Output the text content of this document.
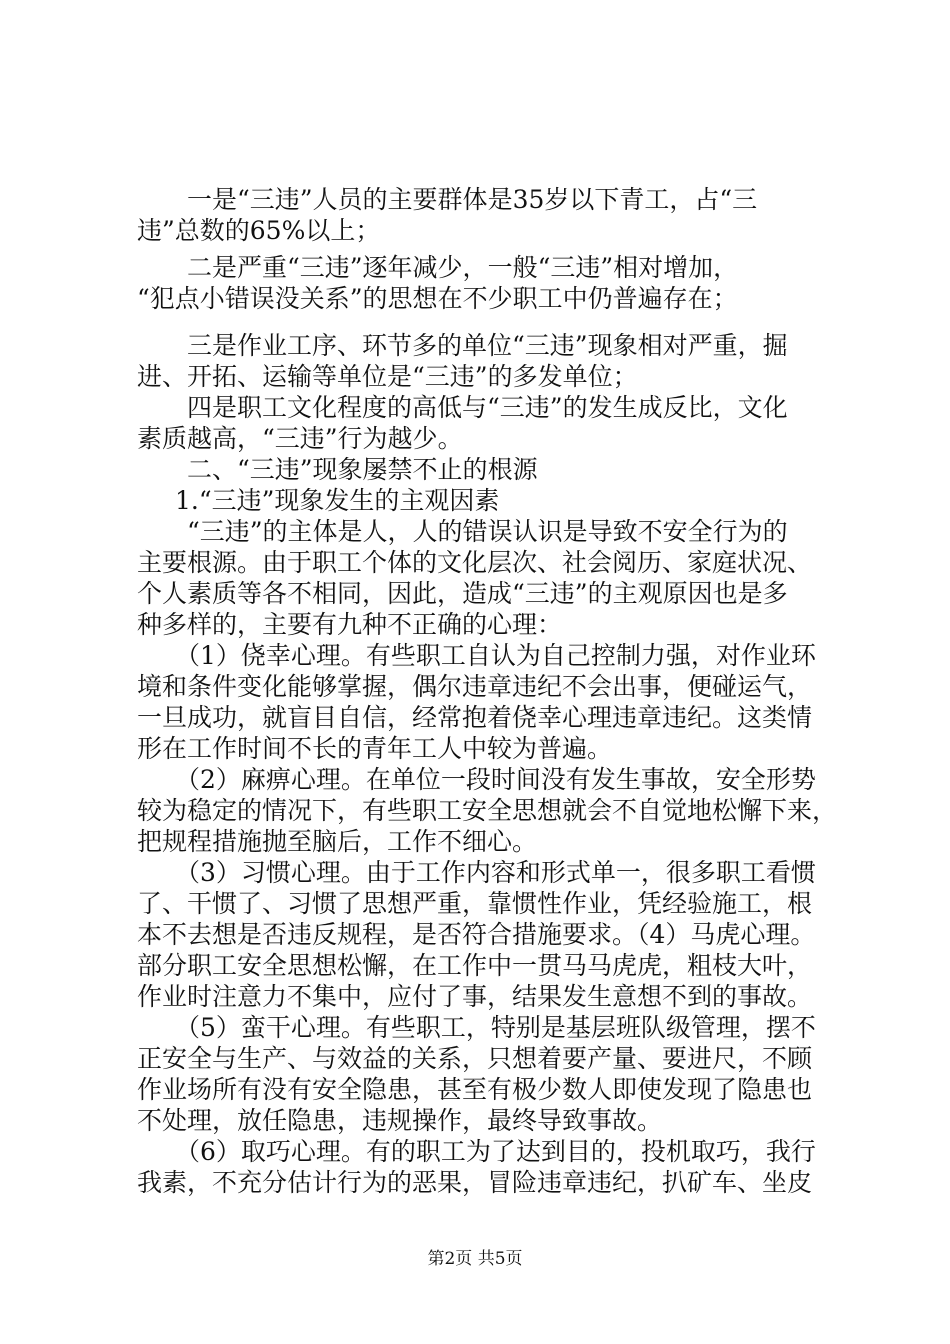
一是“三违”人员的主要群体是35岁以下青工，占“三

违”总数的65%以上；

二是严重“三违”逐年减少，一般“三违”相对增加，

“犯点小错误没关系”的思想在不少职工中仍普遍存在；

三是作业工序、环节多的单位“三违”现象相对严重，掘

进、开拓、运输等单位是“三违”的多发单位；

四是职工文化程度的高低与“三违”的发生成反比，文化

素质越高，“三违”行为越少。

二、“三违”现象屡禁不止的根源

1.“三违”现象发生的主观因素

“三违”的主体是人，人的错误认识是导致不安全行为的

主要根源。由于职工个体的文化层次、社会阅历、家庭状况、

个人素质等各不相同，因此，造成“三违”的主观原因也是多

种多样的，主要有九种不正确的心理：

（1）侥幸心理。有些职工自认为自己控制力强，对作业环

境和条件变化能够掌握，偶尔违章违纪不会出事，便碰运气，

一旦成功，就盲目自信，经常抱着侥幸心理违章违纪。这类情

形在工作时间不长的青年工人中较为普遍。

（2）麻痹心理。在单位一段时间没有发生事故，安全形势

较为稳定的情况下，有些职工安全思想就会不自觉地松懈下来，

把规程措施抛至脑后，工作不细心。

（3）习惯心理。由于工作内容和形式单一，很多职工看惯

了、干惯了、习惯了思想严重，靠惯性作业，凭经验施工，根

本不去想是否违反规程，是否符合措施要求。（4）马虎心理。

部分职工安全思想松懈，在工作中一贯马马虎虎，粗枝大叶，

作业时注意力不集中，应付了事，结果发生意想不到的事故。

（5）蛮干心理。有些职工，特别是基层班队级管理，摆不

正安全与生产、与效益的关系，只想着要产量、要进尺，不顾

作业场所有没有安全隐患，甚至有极少数人即使发现了隐患也

不处理，放任隐患，违规操作，最终导致事故。

（6）取巧心理。有的职工为了达到目的，投机取巧，我行

我素，不充分估计行为的恶果，冒险违章违纪，扒矿车、坐皮

第2页 共5页
